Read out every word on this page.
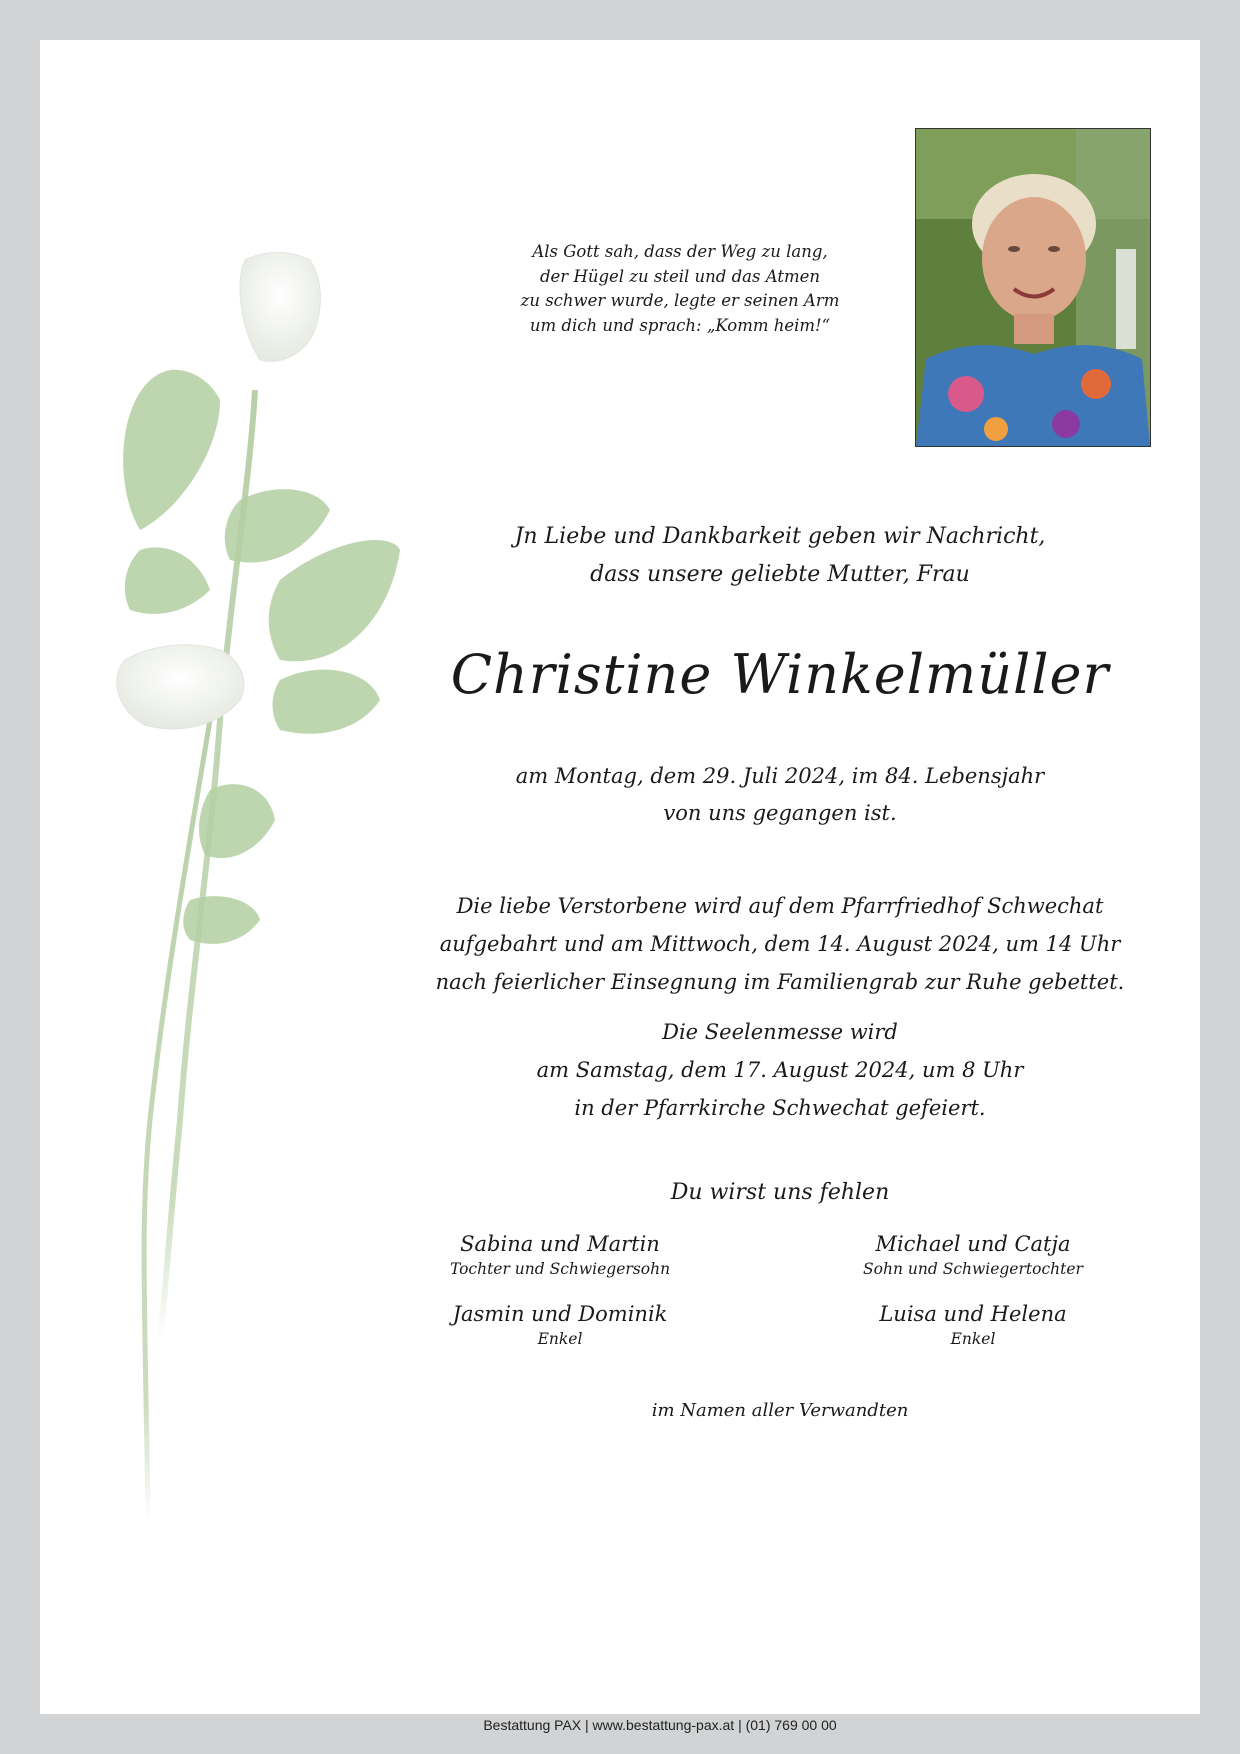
Als Gott sah, dass der Weg zu lang,
der Hügel zu steil und das Atmen
zu schwer wurde, legte er seinen Arm
um dich und sprach: „Komm heim!“
Jn Liebe und Dankbarkeit geben wir Nachricht,
dass unsere geliebte Mutter, Frau
Christine Winkelmüller
am Montag, dem 29. Juli 2024, im 84. Lebensjahr
von uns gegangen ist.
Die liebe Verstorbene wird auf dem Pfarrfriedhof Schwechat
aufgebahrt und am Mittwoch, dem 14. August 2024, um 14 Uhr
nach feierlicher Einsegnung im Familiengrab zur Ruhe gebettet.
Die Seelenmesse wird
am Samstag, dem 17. August 2024, um 8 Uhr
in der Pfarrkirche Schwechat gefeiert.
Du wirst uns fehlen
Sabina und Martin
Tochter und Schwiegersohn
Michael und Catja
Sohn und Schwiegertochter
Jasmin und Dominik
Enkel
Luisa und Helena
Enkel
im Namen aller Verwandten
Bestattung PAX | www.bestattung-pax.at | (01) 769 00 00
